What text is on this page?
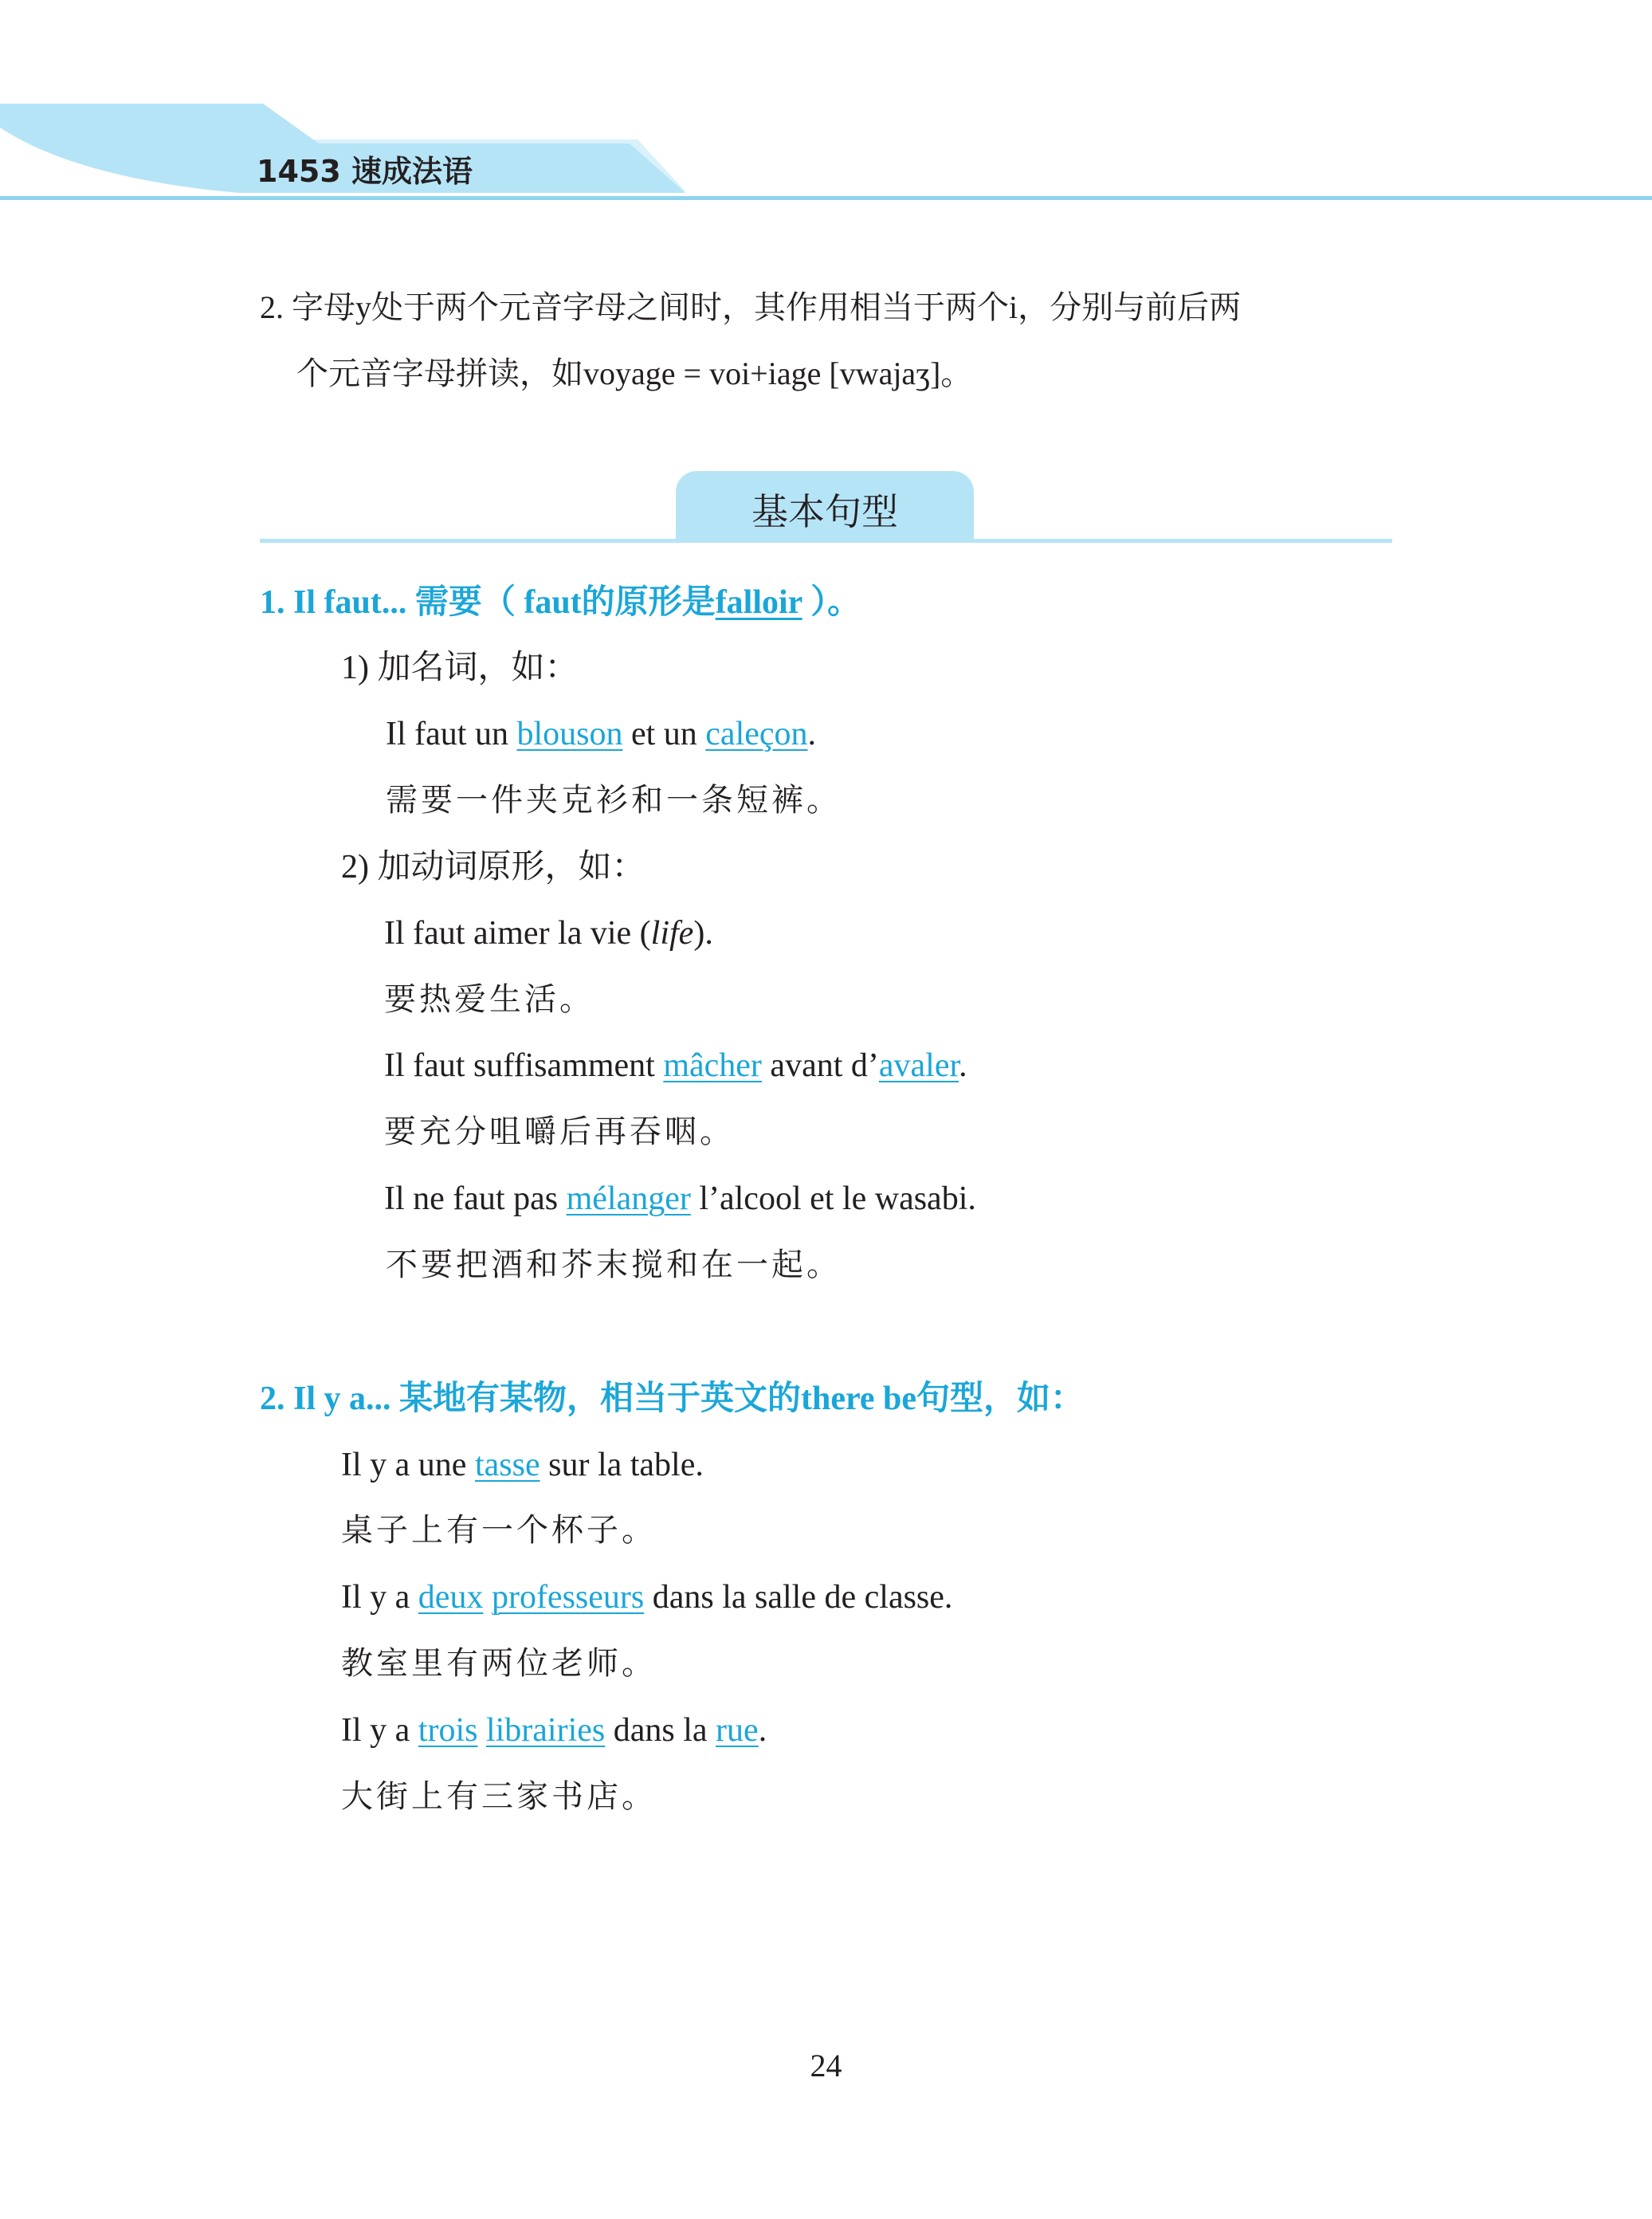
1453 速成法语
2. 字母y处于两个元音字母之间时，其作用相当于两个i，分别与前后两
个元音字母拼读，如voyage = voi+iage [vwajaʒ]。
基本句型
1. Il faut... 需要（ faut的原形是falloir ）。
1) 加名词，如：
Il faut un blouson et un caleçon.
需要一件夹克衫和一条短裤。
2) 加动词原形，如：
Il faut aimer la vie (life).
要热爱生活。
Il faut suffisamment mâcher avant d’avaler.
要充分咀嚼后再吞咽。
Il ne faut pas mélanger l’alcool et le wasabi.
不要把酒和芥末搅和在一起。
2. Il y a... 某地有某物，相当于英文的there be句型，如：
Il y a une tasse sur la table.
桌子上有一个杯子。
Il y a deux professeurs dans la salle de classe.
教室里有两位老师。
Il y a trois librairies dans la rue.
大街上有三家书店。
24
